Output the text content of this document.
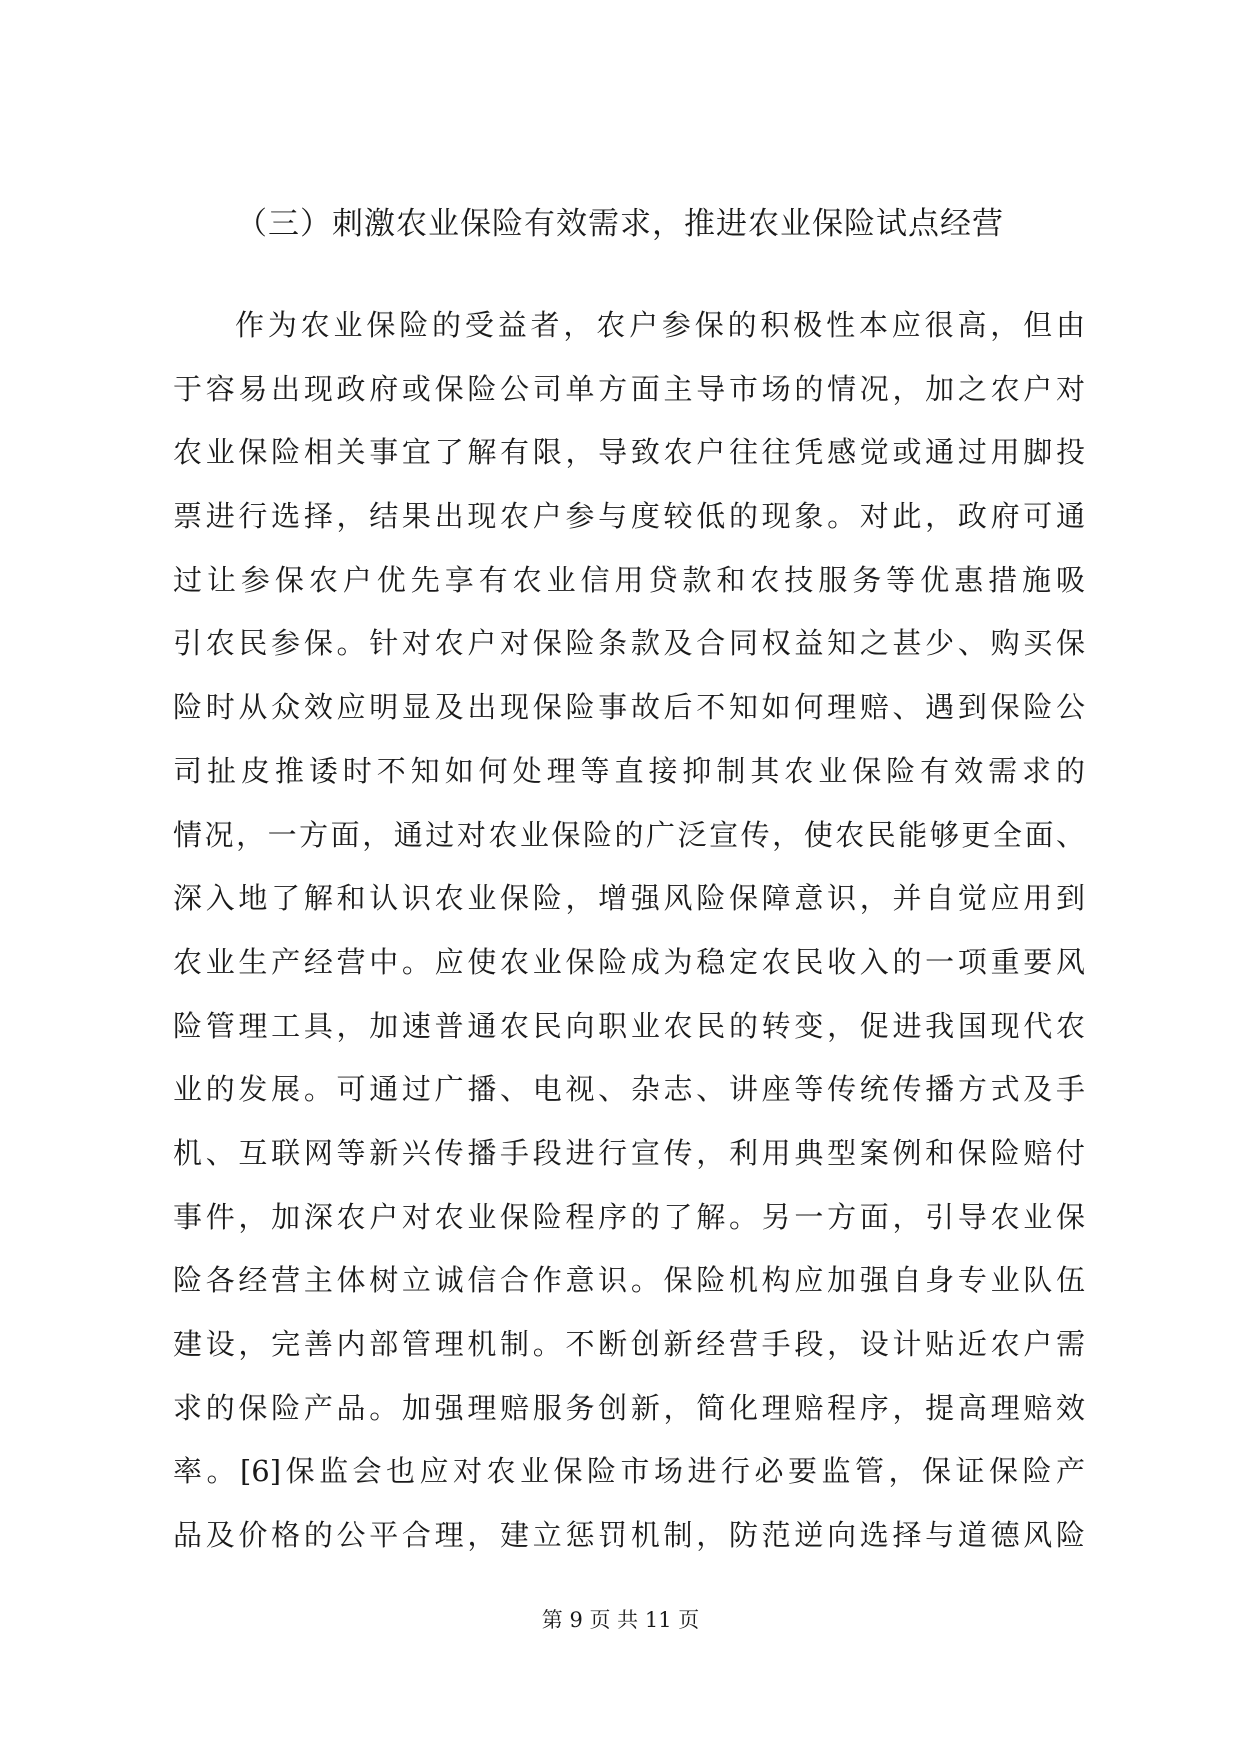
（三）刺激农业保险有效需求，推进农业保险试点经营
作为农业保险的受益者，农户参保的积极性本应很高，但由
于容易出现政府或保险公司单方面主导市场的情况，加之农户对
农业保险相关事宜了解有限，导致农户往往凭感觉或通过用脚投
票进行选择，结果出现农户参与度较低的现象。对此，政府可通
过让参保农户优先享有农业信用贷款和农技服务等优惠措施吸
引农民参保。针对农户对保险条款及合同权益知之甚少、购买保
险时从众效应明显及出现保险事故后不知如何理赔、遇到保险公
司扯皮推诿时不知如何处理等直接抑制其农业保险有效需求的
情况，一方面，通过对农业保险的广泛宣传，使农民能够更全面、
深入地了解和认识农业保险，增强风险保障意识，并自觉应用到
农业生产经营中。应使农业保险成为稳定农民收入的一项重要风
险管理工具，加速普通农民向职业农民的转变，促进我国现代农
业的发展。可通过广播、电视、杂志、讲座等传统传播方式及手
机、互联网等新兴传播手段进行宣传，利用典型案例和保险赔付
事件，加深农户对农业保险程序的了解。另一方面，引导农业保
险各经营主体树立诚信合作意识。保险机构应加强自身专业队伍
建设，完善内部管理机制。不断创新经营手段，设计贴近农户需
求的保险产品。加强理赔服务创新，简化理赔程序，提高理赔效
率。[6]保监会也应对农业保险市场进行必要监管，保证保险产
品及价格的公平合理，建立惩罚机制，防范逆向选择与道德风险
第 9 页 共 11 页
